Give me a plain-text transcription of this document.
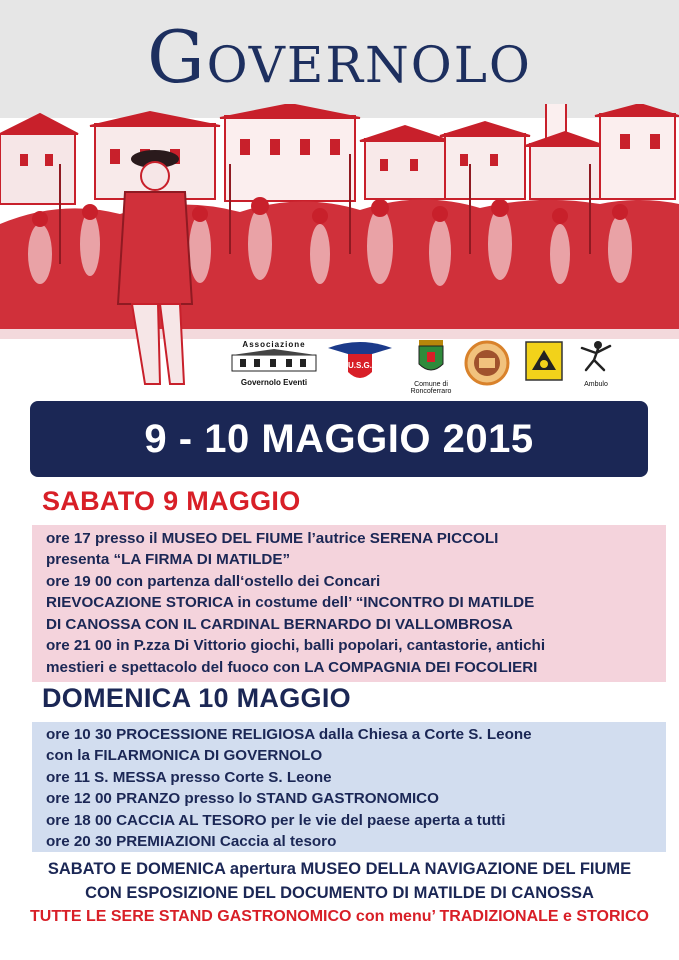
Governolo
Associazione
Governolo Eventi
U.S.G.
Comune di
Roncoferraro
Ambulo
9 - 10 MAGGIO 2015
SABATO 9 MAGGIO
ore 17 presso il MUSEO DEL FIUME l’autrice SERENA PICCOLI
presenta “LA FIRMA DI MATILDE”
ore 19 00 con partenza dall‘ostello dei Concari
RIEVOCAZIONE STORICA in costume dell’ “INCONTRO DI MATILDE
DI CANOSSA CON IL CARDINAL BERNARDO DI VALLOMBROSA
ore 21 00 in P.zza Di Vittorio giochi, balli popolari, cantastorie, antichi
mestieri e spettacolo del fuoco con LA COMPAGNIA DEI FOCOLIERI
DOMENICA 10 MAGGIO
ore 10 30 PROCESSIONE RELIGIOSA dalla Chiesa a Corte S. Leone
con la FILARMONICA DI GOVERNOLO
ore 11 S. MESSA presso Corte S. Leone
ore 12 00 PRANZO presso lo STAND GASTRONOMICO
ore 18 00 CACCIA AL TESORO per le vie del paese aperta a tutti
ore 20 30 PREMIAZIONI Caccia al tesoro
SABATO E DOMENICA apertura MUSEO DELLA NAVIGAZIONE DEL FIUME
CON ESPOSIZIONE DEL DOCUMENTO DI MATILDE DI CANOSSA
TUTTE LE SERE STAND GASTRONOMICO con menu’ TRADIZIONALE e STORICO
